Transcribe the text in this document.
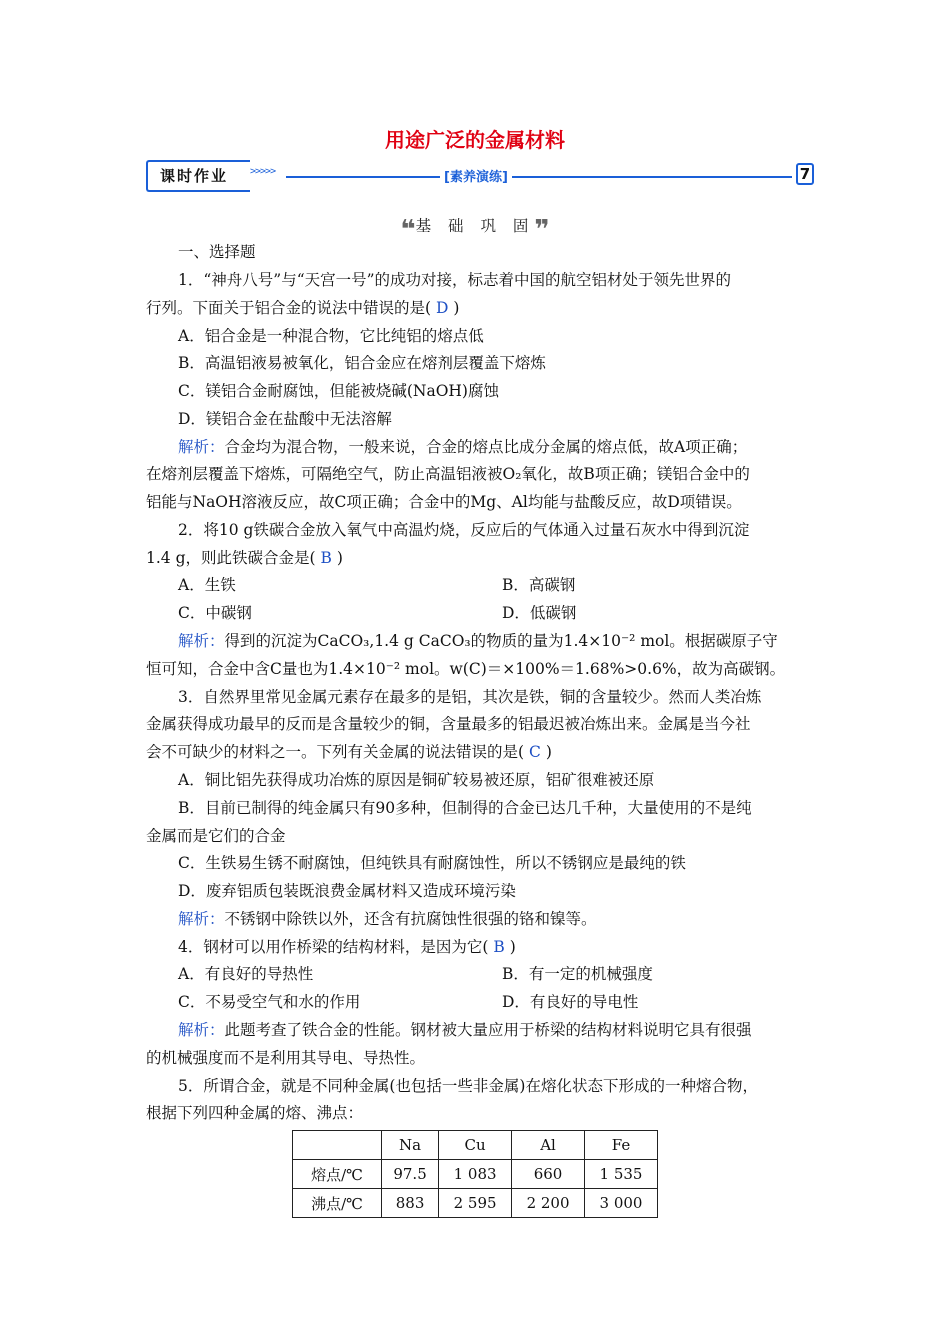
用途广泛的金属材料
课时作业	>>>>>	[素养演练]	7
❝基 础 巩 固❞
一、选择题
1．“神舟八号”与“天宫一号”的成功对接，标志着中国的航空铝材处于领先世界的
行列。下面关于铝合金的说法中错误的是( D )
A．铝合金是一种混合物，它比纯铝的熔点低
B．高温铝液易被氧化，铝合金应在熔剂层覆盖下熔炼
C．镁铝合金耐腐蚀，但能被烧碱(NaOH)腐蚀
D．镁铝合金在盐酸中无法溶解
解析：合金均为混合物，一般来说，合金的熔点比成分金属的熔点低，故A项正确；
在熔剂层覆盖下熔炼，可隔绝空气，防止高温铝液被O₂氧化，故B项正确；镁铝合金中的
铝能与NaOH溶液反应，故C项正确；合金中的Mg、Al均能与盐酸反应，故D项错误。
2．将10 g铁碳合金放入氧气中高温灼烧，反应后的气体通入过量石灰水中得到沉淀
1.4 g，则此铁碳合金是( B )
A．生铁	B．高碳钢
C．中碳钢	D．低碳钢
解析：得到的沉淀为CaCO₃,1.4 g CaCO₃的物质的量为1.4×10⁻² mol。根据碳原子守
恒可知，合金中含C量也为1.4×10⁻² mol。w(C)＝×100%＝1.68%>0.6%，故为高碳钢。
3．自然界里常见金属元素存在最多的是铝，其次是铁，铜的含量较少。然而人类冶炼
金属获得成功最早的反而是含量较少的铜，含量最多的铝最迟被冶炼出来。金属是当今社
会不可缺少的材料之一。下列有关金属的说法错误的是( C )
A．铜比铝先获得成功冶炼的原因是铜矿较易被还原，铝矿很难被还原
B．目前已制得的纯金属只有90多种，但制得的合金已达几千种，大量使用的不是纯
金属而是它们的合金
C．生铁易生锈不耐腐蚀，但纯铁具有耐腐蚀性，所以不锈钢应是最纯的铁
D．废弃铝质包装既浪费金属材料又造成环境污染
解析：不锈钢中除铁以外，还含有抗腐蚀性很强的铬和镍等。
4．钢材可以用作桥梁的结构材料，是因为它( B )
A．有良好的导热性	B．有一定的机械强度
C．不易受空气和水的作用	D．有良好的导电性
解析：此题考查了铁合金的性能。钢材被大量应用于桥梁的结构材料说明它具有很强
的机械强度而不是利用其导电、导热性。
5．所谓合金，就是不同种金属(也包括一些非金属)在熔化状态下形成的一种熔合物，
根据下列四种金属的熔、沸点：
	Na	Cu	Al	Fe
熔点/℃	97.5	1 083	660	1 535
沸点/℃	883	2 595	2 200	3 000
